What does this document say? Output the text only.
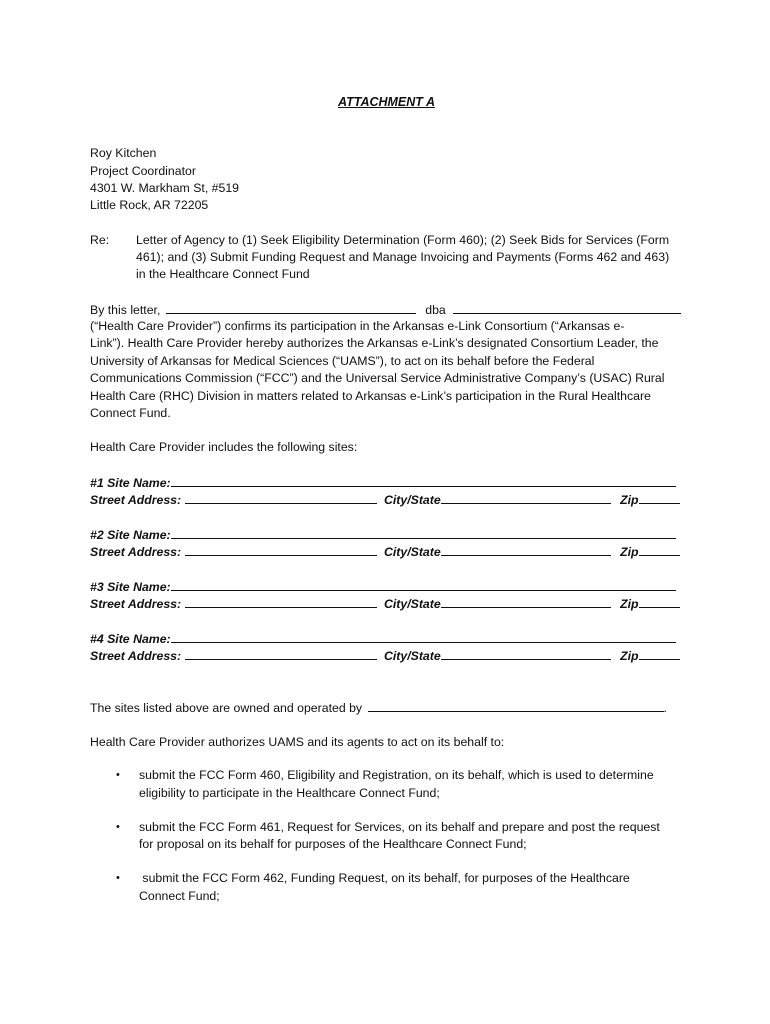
ATTACHMENT A
Roy Kitchen
Project Coordinator
4301 W. Markham St, #519
Little Rock, AR 72205
Re: Letter of Agency to (1) Seek Eligibility Determination (Form 460); (2) Seek Bids for Services (Form
461); and (3) Submit Funding Request and Manage Invoicing and Payments (Forms 462 and 463)
in the Healthcare Connect Fund
By this letter,	dba
(“Health Care Provider”) confirms its participation in the Arkansas e-Link Consortium (“Arkansas e-
Link”). Health Care Provider hereby authorizes the Arkansas e-Link’s designated Consortium Leader, the
University of Arkansas for Medical Sciences (“UAMS”), to act on its behalf before the Federal
Communications Commission (“FCC”) and the Universal Service Administrative Company’s (USAC) Rural
Health Care (RHC) Division in matters related to Arkansas e-Link’s participation in the Rural Healthcare
Connect Fund.
Health Care Provider includes the following sites:
#1 Site Name:
Street Address:	City/State	Zip
#2 Site Name:
Street Address:	City/State	Zip
#3 Site Name:
Street Address:	City/State	Zip
#4 Site Name:
Street Address:	City/State	Zip
The sites listed above are owned and operated by	.
Health Care Provider authorizes UAMS and its agents to act on its behalf to:
• submit the FCC Form 460, Eligibility and Registration, on its behalf, which is used to determine
eligibility to participate in the Healthcare Connect Fund;
• submit the FCC Form 461, Request for Services, on its behalf and prepare and post the request
for proposal on its behalf for purposes of the Healthcare Connect Fund;
• submit the FCC Form 462, Funding Request, on its behalf, for purposes of the Healthcare
Connect Fund;
